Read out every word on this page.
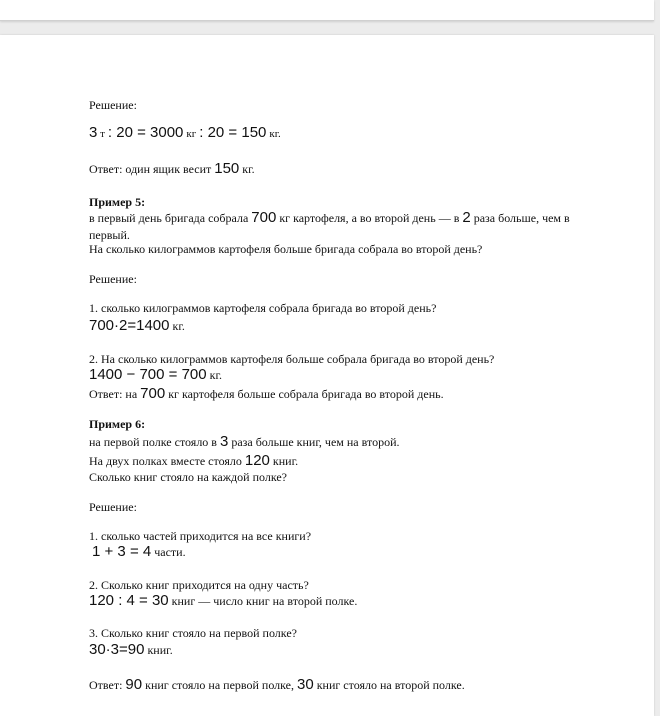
Решение:
3 т : 20 = 3000 кг : 20 = 150 кг.
Ответ: один ящик весит 150 кг.
Пример 5:
в первый день бригада собрала 700 кг картофеля, а во второй день — в 2 раза больше, чем в
первый.
На сколько килограммов картофеля больше бригада собрала во второй день?
Решение:
1. сколько килограммов картофеля собрала бригада во второй день?
700·2=1400 кг.
2. На сколько килограммов картофеля больше собрала бригада во второй день?
1400 − 700 = 700 кг.
Ответ: на 700 кг картофеля больше собрала бригада во второй день.
Пример 6:
на первой полке стояло в 3 раза больше книг, чем на второй.
На двух полках вместе стояло 120 книг.
Сколько книг стояло на каждой полке?
Решение:
1. сколько частей приходится на все книги?
1 + 3 = 4 части.
2. Сколько книг приходится на одну часть?
120 : 4 = 30 книг — число книг на второй полке.
3. Сколько книг стояло на первой полке?
30·3=90 книг.
Ответ: 90 книг стояло на первой полке, 30 книг стояло на второй полке.
